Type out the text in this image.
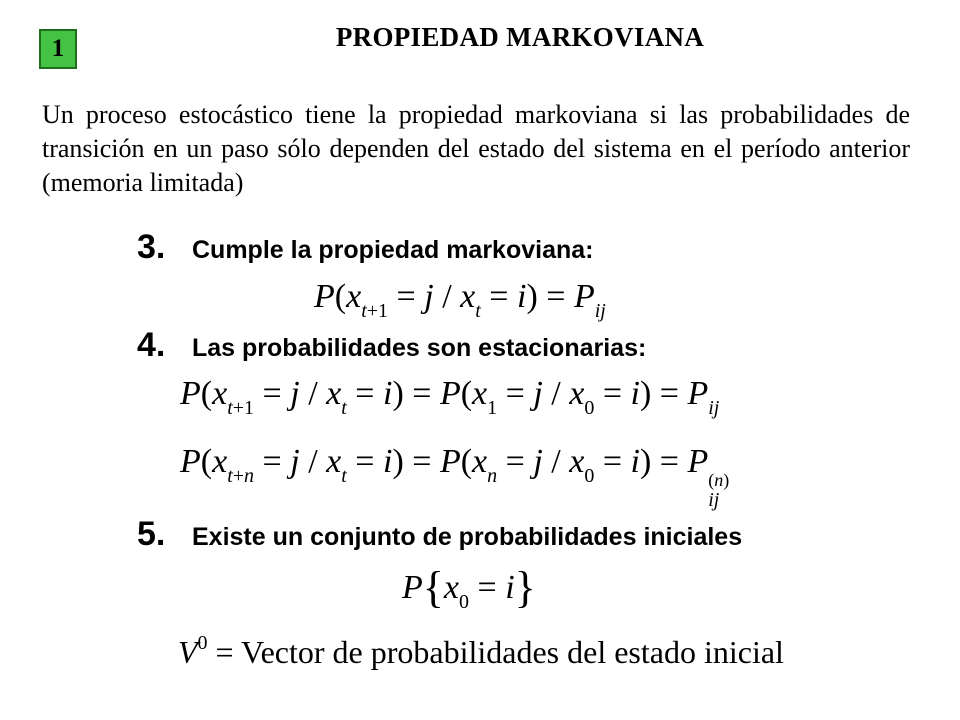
1	PROPIEDAD MARKOVIANA
Un proceso estocástico tiene la propiedad markoviana si las probabilidades de transición en un paso sólo dependen del estado del sistema en el período anterior (memoria limitada)
3.	Cumple la propiedad markoviana:
$P(x_{t+1} = j / x_t = i) = P_{ij}$
4.	Las probabilidades son estacionarias:
$P(x_{t+1} = j / x_t = i) = P(x_1 = j / x_0 = i) = P_{ij}$
$P(x_{t+n} = j / x_t = i) = P(x_n = j / x_0 = i) = P$ (n)
ij
5.	Existe un conjunto de probabilidades iniciales
$P\{x_0 = i\}$
$V^0$ = Vector de probabilidades del estado inicial
